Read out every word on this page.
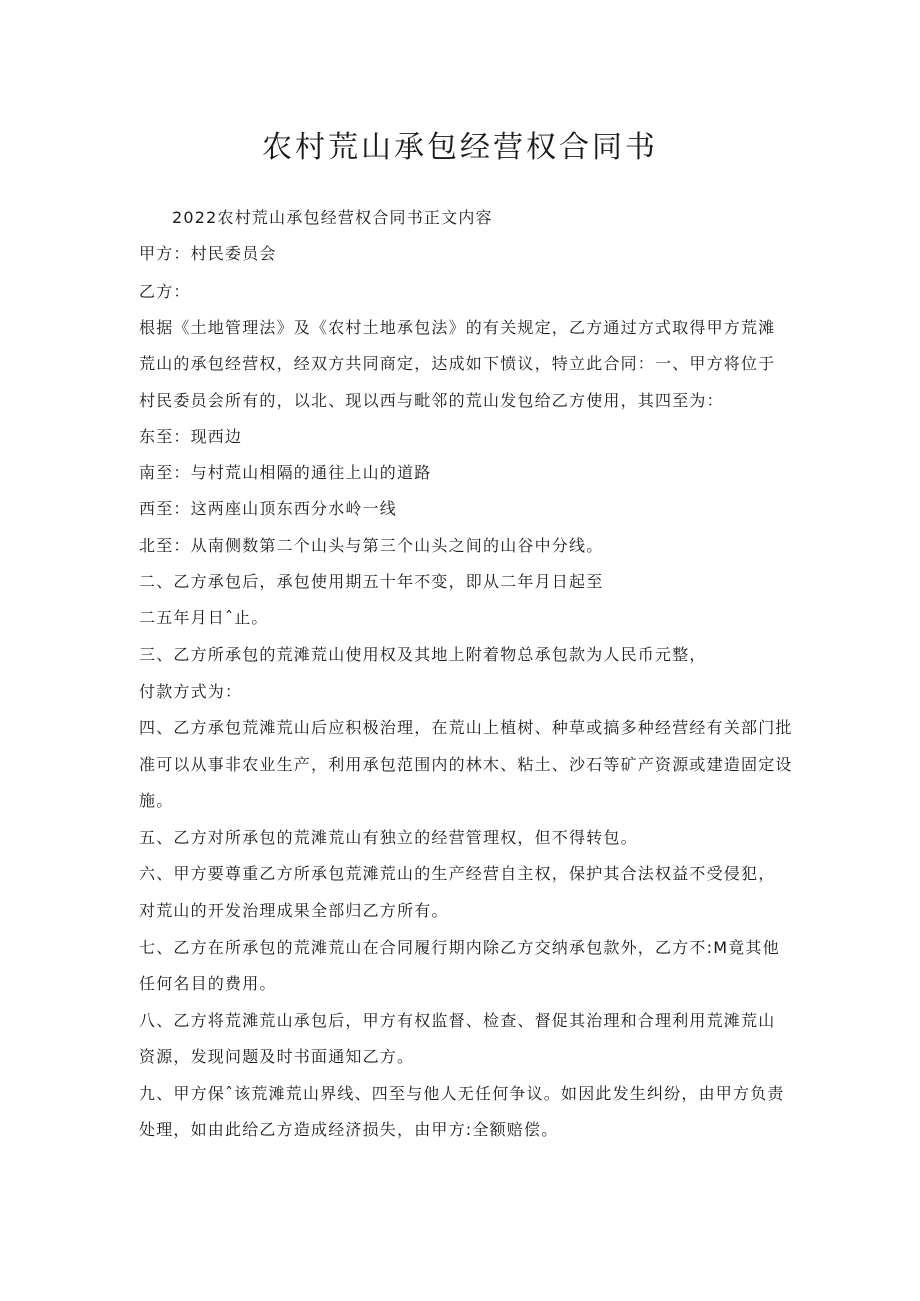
农村荒山承包经营权合同书
2022农村荒山承包经营权合同书正文内容
甲方：村民委员会
乙方：
根据《土地管理法》及《农村土地承包法》的有关规定，乙方通过方式取得甲方荒滩
荒山的承包经营权，经双方共同商定，达成如下愤议，特立此合同：一、甲方将位于
村民委员会所有的，以北、现以西与毗邻的荒山发包给乙方使用，其四至为：
东至：现西边
南至：与村荒山相隔的通往上山的道路
西至：这两座山顶东西分水岭一线
北至：从南侧数第二个山头与第三个山头之间的山谷中分线。
二、乙方承包后，承包使用期五十年不变，即从二年月日起至
二五年月日ˆ止。
三、乙方所承包的荒滩荒山使用权及其地上附着物总承包款为人民币元整，
付款方式为：
四、乙方承包荒滩荒山后应积极治理，在荒山上植树、种草或搞多种经营经有关部门批
准可以从事非农业生产，利用承包范围内的林木、粘土、沙石等矿产资源或建造固定设
施。
五、乙方对所承包的荒滩荒山有独立的经营管理权，但不得转包。
六、甲方要尊重乙方所承包荒滩荒山的生产经营自主权，保护其合法权益不受侵犯，
对荒山的开发治理成果全部归乙方所有。
七、乙方在所承包的荒滩荒山在合同履行期内除乙方交纳承包款外，乙方不:M竟其他
任何名目的费用。
八、乙方将荒滩荒山承包后，甲方有权监督、检查、督促其治理和合理利用荒滩荒山
资源，发现问题及时书面通知乙方。
九、甲方保ˆ该荒滩荒山界线、四至与他人无任何争议。如因此发生纠纷，由甲方负责
处理，如由此给乙方造成经济损失，由甲方:全额赔偿。
